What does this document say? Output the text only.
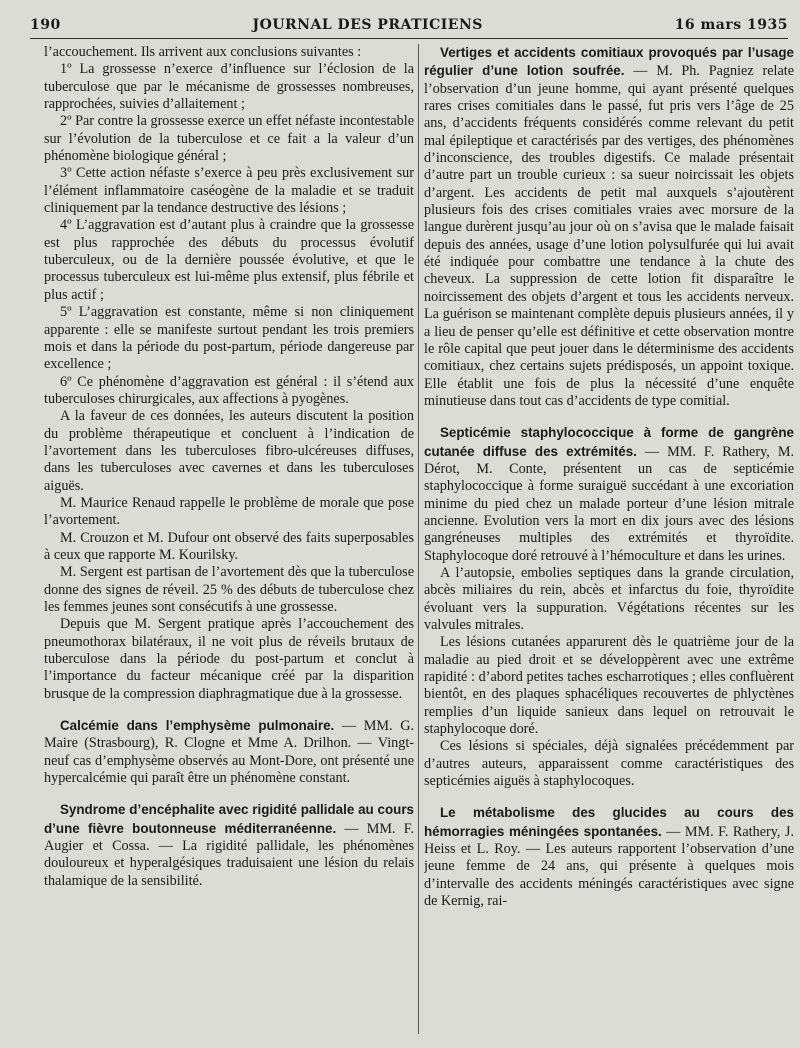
190	JOURNAL DES PRATICIENS	16 mars 1935

l’accouchement. Ils arrivent aux conclusions suivantes :

1º La grossesse n’exerce d’influence sur l’éclosion de la tuberculose que par le mécanisme de grossesses nombreuses, rapprochées, suivies d’allaitement ;

2º Par contre la grossesse exerce un effet néfaste incontestable sur l’évolution de la tuberculose et ce fait a la valeur d’un phénomène biologique général ;

3º Cette action néfaste s’exerce à peu près exclusivement sur l’élément inflammatoire caséogène de la maladie et se traduit cliniquement par la tendance destructive des lésions ;

4º L’aggravation est d’autant plus à craindre que la grossesse est plus rapprochée des débuts du processus évolutif tuberculeux, ou de la dernière poussée évolutive, et que le processus tuberculeux est lui-même plus extensif, plus fébrile et plus actif ;

5º L’aggravation est constante, même si non cliniquement apparente : elle se manifeste surtout pendant les trois premiers mois et dans la période du post-partum, période dangereuse par excellence ;

6º Ce phénomène d’aggravation est général : il s’étend aux tuberculoses chirurgicales, aux affections à pyogènes.

A la faveur de ces données, les auteurs discutent la position du problème thérapeutique et concluent à l’indication de l’avortement dans les tuberculoses fibro-ulcéreuses diffuses, dans les tuberculoses avec cavernes et dans les tuberculoses aiguës.

M. Maurice Renaud rappelle le problème de morale que pose l’avortement.

M. Crouzon et M. Dufour ont observé des faits superposables à ceux que rapporte M. Kourilsky.

M. Sergent est partisan de l’avortement dès que la tuberculose donne des signes de réveil. 25 % des débuts de tuberculose chez les femmes jeunes sont consécutifs à une grossesse.

Depuis que M. Sergent pratique après l’accouchement des pneumothorax bilatéraux, il ne voit plus de réveils brutaux de tuberculose dans la période du post-partum et conclut à l’importance du facteur mécanique créé par la disparition brusque de la compression diaphragmatique due à la grossesse.

Calcémie dans l’emphysème pulmonaire. — MM. G. Maire (Strasbourg), R. Clogne et Mme A. Drilhon. — Vingt-neuf cas d’emphysème observés au Mont-Dore, ont présenté une hypercalcémie qui paraît être un phénomène constant.

Syndrome d’encéphalite avec rigidité pallidale au cours d’une fièvre boutonneuse méditerranéenne. — MM. F. Augier et Cossa. — La rigidité pallidale, les phénomènes douloureux et hyperalgésiques traduisaient une lésion du relais thalamique de la sensibilité.

Vertiges et accidents comitiaux provoqués par l’usage régulier d’une lotion soufrée. — M. Ph. Pagniez relate l’observation d’un jeune homme, qui ayant présenté quelques rares crises comitiales dans le passé, fut pris vers l’âge de 25 ans, d’accidents fréquents considérés comme relevant du petit mal épileptique et caractérisés par des vertiges, des phénomènes d’inconscience, des troubles digestifs. Ce malade présentait d’autre part un trouble curieux : sa sueur noircissait les objets d’argent. Les accidents de petit mal auxquels s’ajoutèrent plusieurs fois des crises comitiales vraies avec morsure de la langue durèrent jusqu’au jour où on s’avisa que le malade faisait depuis des années, usage d’une lotion polysulfurée qui lui avait été indiquée pour combattre une tendance à la chute des cheveux. La suppression de cette lotion fit disparaître le noircissement des objets d’argent et tous les accidents nerveux. La guérison se maintenant complète depuis plusieurs années, il y a lieu de penser qu’elle est définitive et cette observation montre le rôle capital que peut jouer dans le déterminisme des accidents comitiaux, chez certains sujets prédisposés, un appoint toxique. Elle établit une fois de plus la nécessité d’une enquête minutieuse dans tout cas d’accidents de type comitial.

Septicémie staphylococcique à forme de gangrène cutanée diffuse des extrémités. — MM. F. Rathery, M. Dérot, M. Conte, présentent un cas de septicémie staphylococcique à forme suraiguë succédant à une excoriation minime du pied chez un malade porteur d’une lésion mitrale ancienne. Evolution vers la mort en dix jours avec des lésions gangréneuses multiples des extrémités et thyroïdite. Staphylocoque doré retrouvé à l’hémoculture et dans les urines.

A l’autopsie, embolies septiques dans la grande circulation, abcès miliaires du rein, abcès et infarctus du foie, thyroïdite évoluant vers la suppuration. Végétations récentes sur les valvules mitrales.

Les lésions cutanées apparurent dès le quatrième jour de la maladie au pied droit et se développèrent avec une extrême rapidité : d’abord petites taches escharrotiques ; elles confluèrent bientôt, en des plaques sphacéliques recouvertes de phlyctènes remplies d’un liquide sanieux dans lequel on retrouvait le staphylocoque doré.

Ces lésions si spéciales, déjà signalées précédemment par d’autres auteurs, apparaissent comme caractéristiques des septicémies aiguës à staphylocoques.

Le métabolisme des glucides au cours des hémorragies méningées spontanées. — MM. F. Rathery, J. Heiss et L. Roy. — Les auteurs rapportent l’observation d’une jeune femme de 24 ans, qui présente à quelques mois d’intervalle des accidents méningés caractéristiques avec signe de Kernig, rai-
